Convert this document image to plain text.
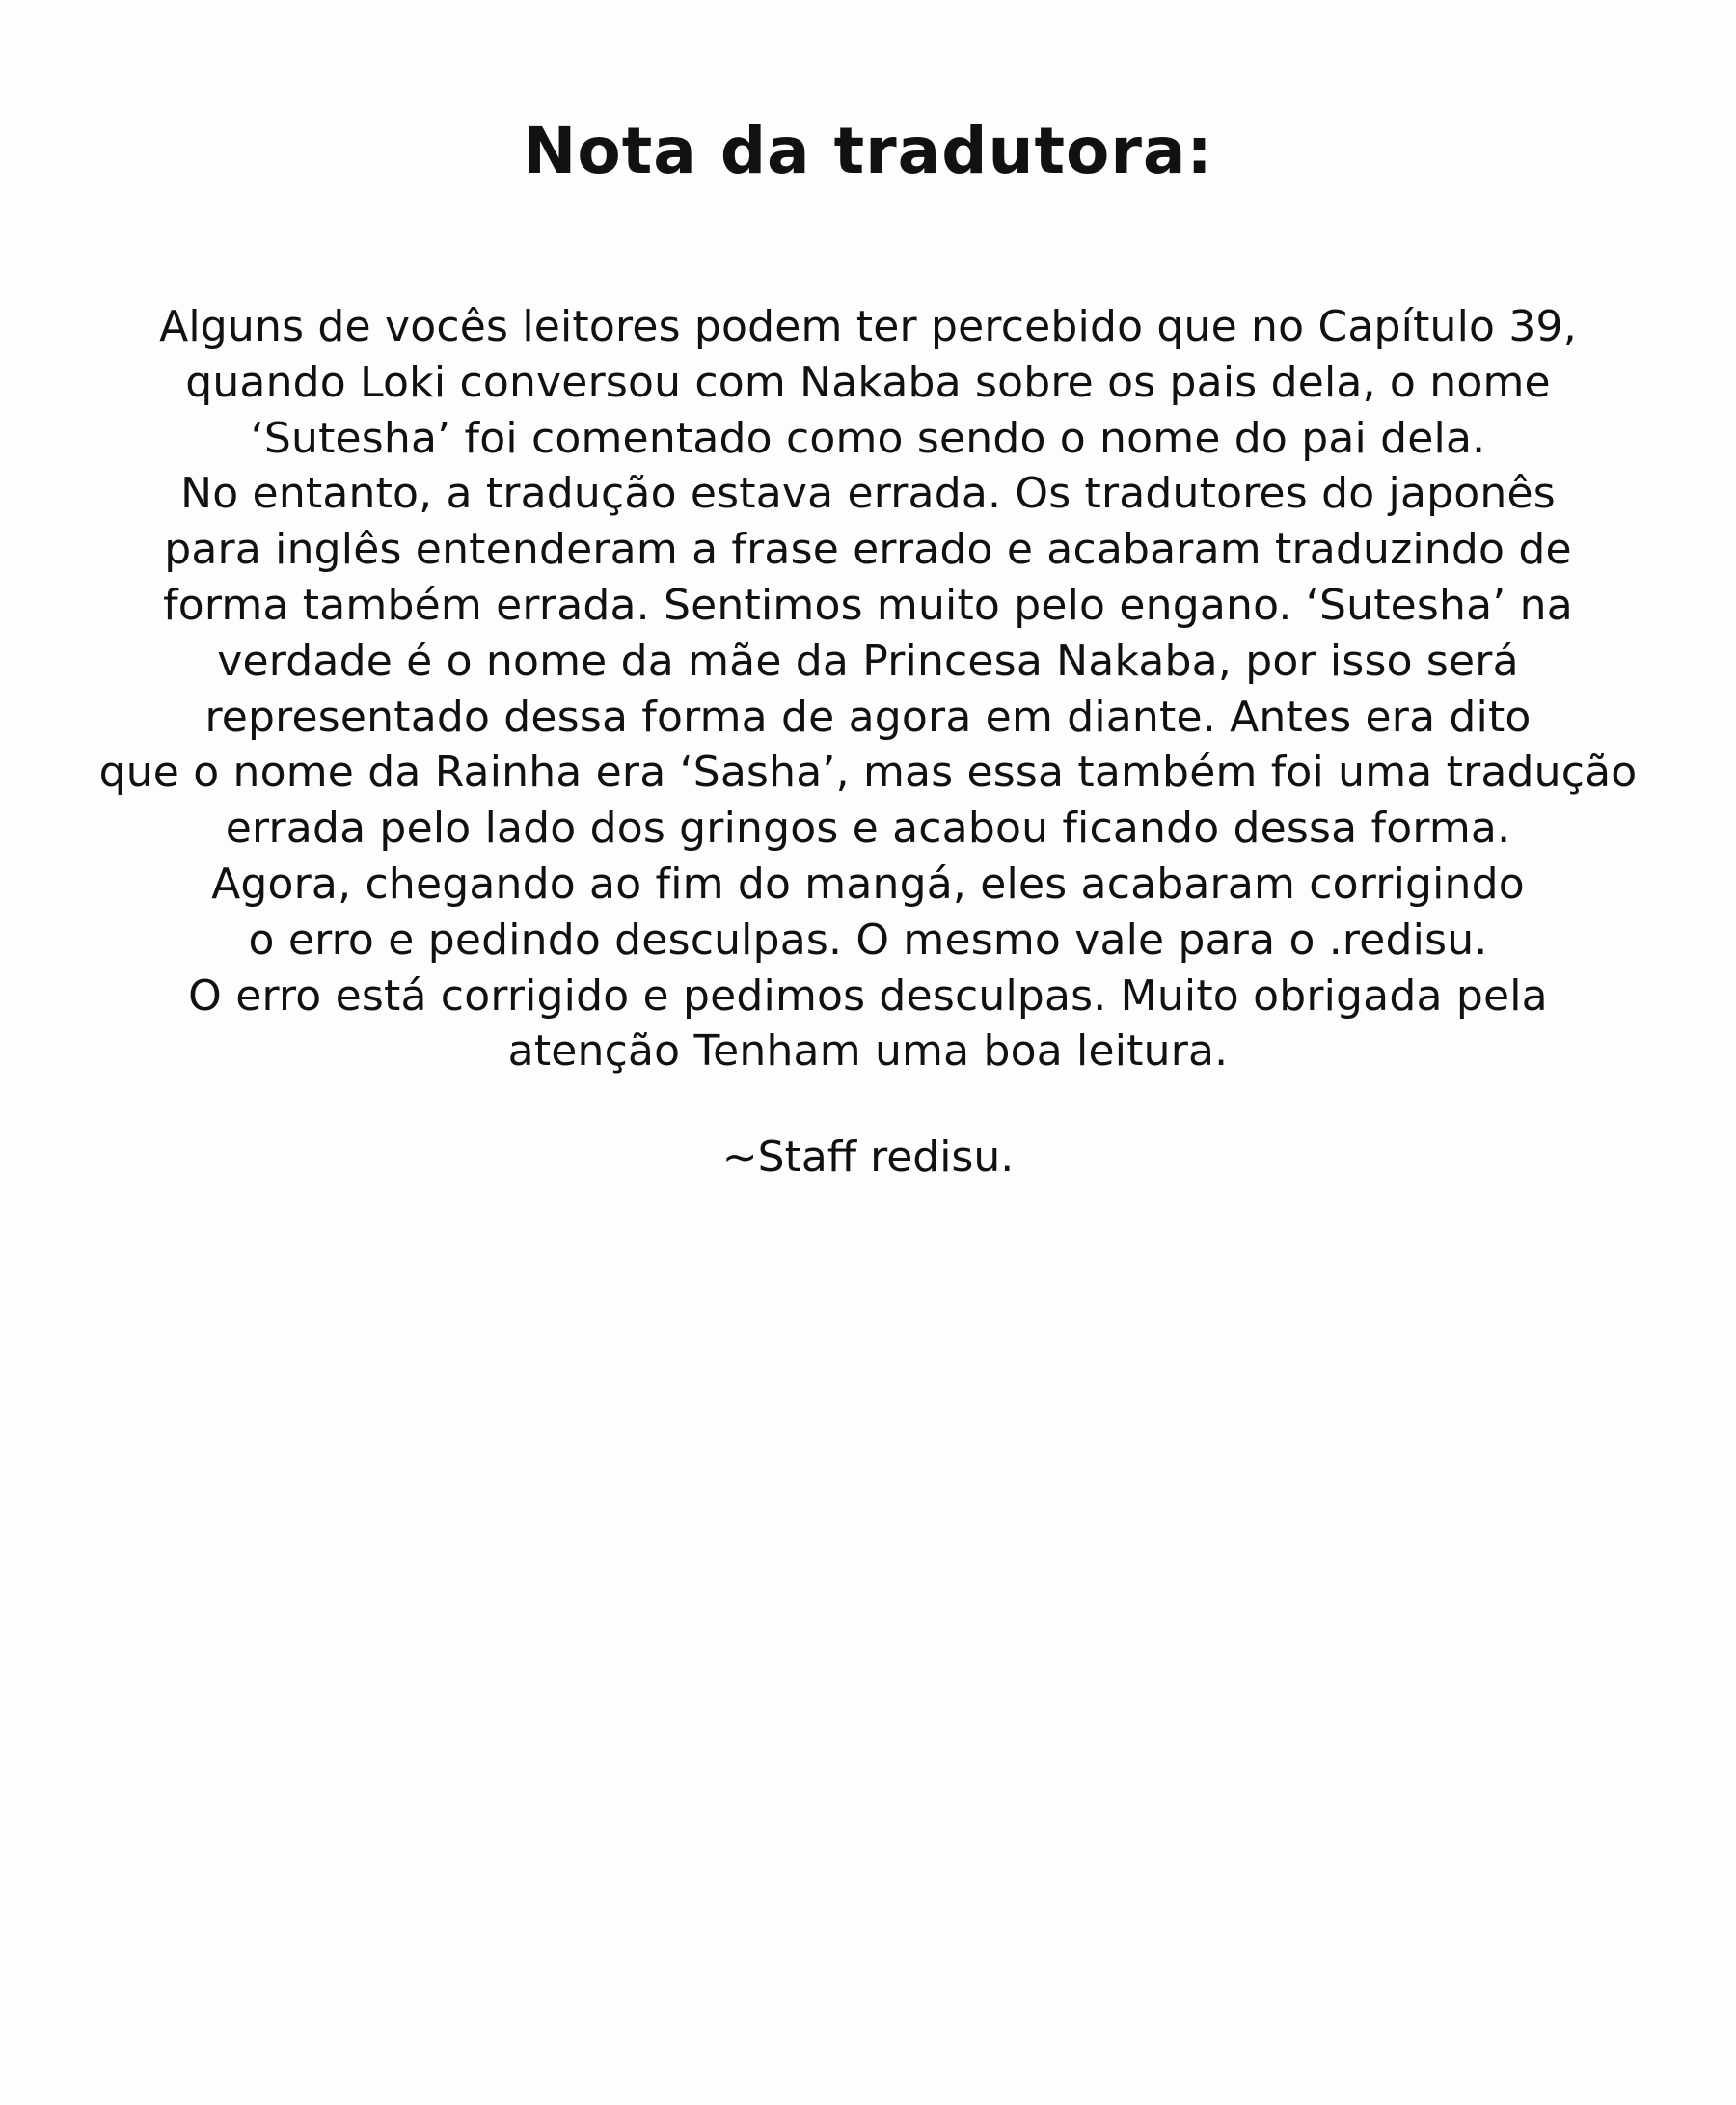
Nota da tradutora:
Alguns de vocês leitores podem ter percebido que no Capítulo 39,
quando Loki conversou com Nakaba sobre os pais dela, o nome
‘Sutesha’ foi comentado como sendo o nome do pai dela.
No entanto, a tradução estava errada. Os tradutores do japonês
para inglês entenderam a frase errado e acabaram traduzindo de
forma também errada. Sentimos muito pelo engano. ‘Sutesha’ na
verdade é o nome da mãe da Princesa Nakaba, por isso será
representado dessa forma de agora em diante. Antes era dito
que o nome da Rainha era ‘Sasha’, mas essa também foi uma tradução
errada pelo lado dos gringos e acabou ficando dessa forma.
Agora, chegando ao fim do mangá, eles acabaram corrigindo
o erro e pedindo desculpas. O mesmo vale para o .redisu.
O erro está corrigido e pedimos desculpas. Muito obrigada pela
atenção Tenham uma boa leitura.

~Staff redisu.
